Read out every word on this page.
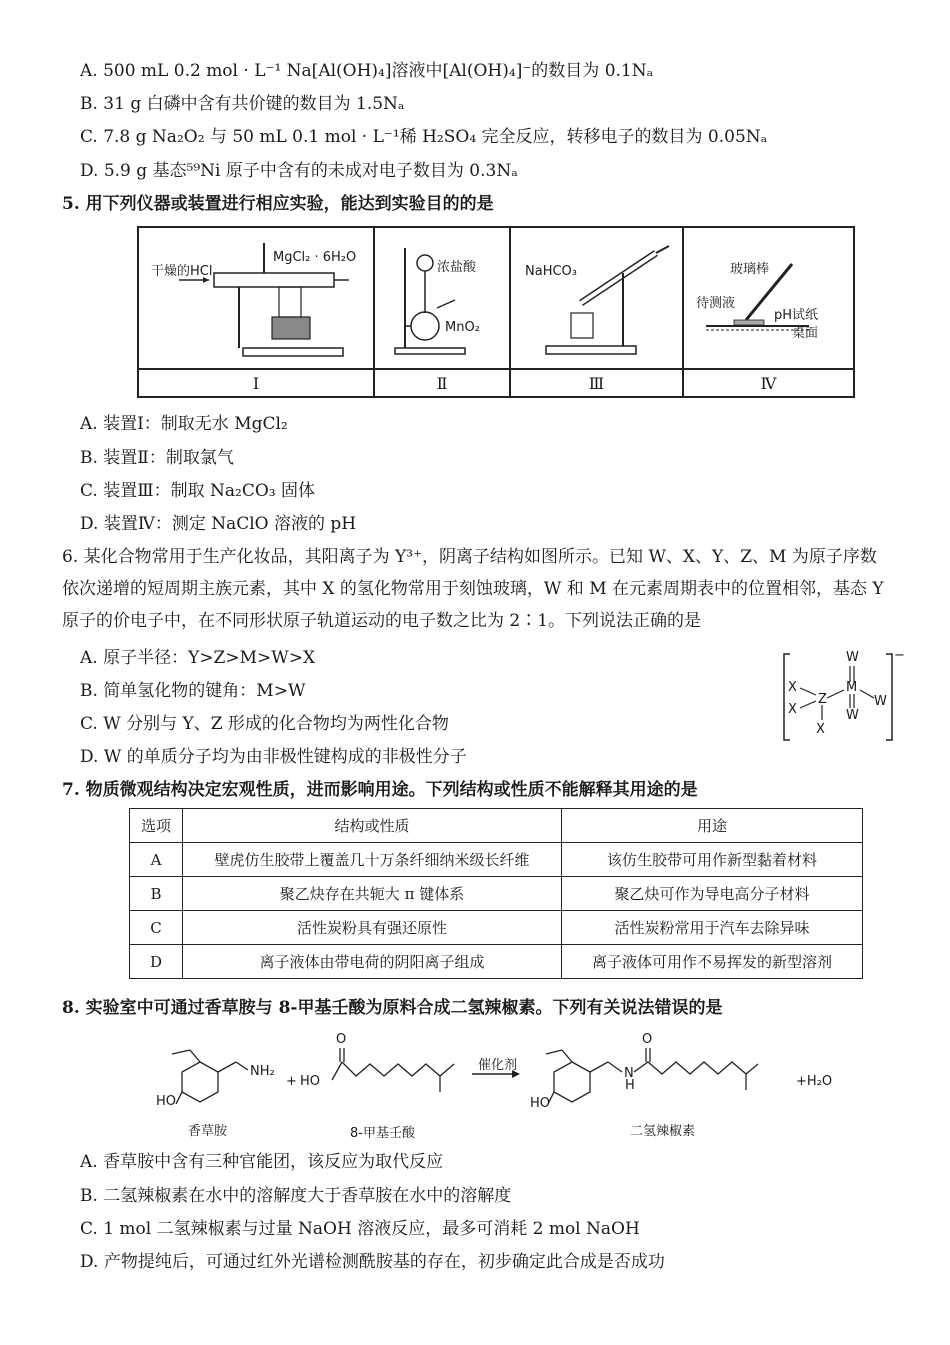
A. 500 mL 0.2 mol · L⁻¹ Na[Al(OH)₄]溶液中[Al(OH)₄]⁻的数目为 0.1Nₐ
B. 31 g 白磷中含有共价键的数目为 1.5Nₐ
C. 7.8 g Na₂O₂ 与 50 mL 0.1 mol · L⁻¹稀 H₂SO₄ 完全反应，转移电子的数目为 0.05Nₐ
D. 5.9 g 基态⁵⁹Ni 原子中含有的未成对电子数目为 0.3Nₐ
5. 用下列仪器或装置进行相应实验，能达到实验目的的是
干燥的HCl
MgCl₂ · 6H₂O
浓盐酸
MnO₂
NaHCO₃	玻璃棒
待测液
pH试纸
桌面
Ⅰ	Ⅱ	Ⅲ	Ⅳ
A. 装置Ⅰ：制取无水 MgCl₂
B. 装置Ⅱ：制取氯气
C. 装置Ⅲ：制取 Na₂CO₃ 固体
D. 装置Ⅳ：测定 NaClO 溶液的 pH
6. 某化合物常用于生产化妆品，其阳离子为 Y³⁺，阴离子结构如图所示。已知 W、X、Y、Z、M 为原子序数依次递增的短周期主族元素，其中 X 的氢化物常用于刻蚀玻璃，W 和 M 在元素周期表中的位置相邻，基态 Y 原子的价电子中，在不同形状原子轨道运动的电子数之比为 2∶1。下列说法正确的是
A. 原子半径：Y>Z>M>W>X
B. 简单氢化物的键角：M>W
C. W 分别与 Y、Z 形成的化合物均为两性化合物
D. W 的单质分子均为由非极性键构成的非极性分子
W
X
X
Z
M
W
W
X
−
7. 物质微观结构决定宏观性质，进而影响用途。下列结构或性质不能解释其用途的是
选项	结构或性质	用途
A	壁虎仿生胶带上覆盖几十万条纤细纳米级长纤维	该仿生胶带可用作新型黏着材料
B	聚乙炔存在共轭大 π 键体系	聚乙炔可作为导电高分子材料
C	活性炭粉具有强还原性	活性炭粉常用于汽车去除异味
D	离子液体由带电荷的阴阳离子组成	离子液体可用作不易挥发的新型溶剂
8. 实验室中可通过香草胺与 8-甲基壬酸为原料合成二氢辣椒素。下列有关说法错误的是
NH₂
HO
+ HO
O
催化剂
HO
N
H
O
+H₂O
香草胺	8-甲基壬酸	二氢辣椒素
A. 香草胺中含有三种官能团，该反应为取代反应
B. 二氢辣椒素在水中的溶解度大于香草胺在水中的溶解度
C. 1 mol 二氢辣椒素与过量 NaOH 溶液反应，最多可消耗 2 mol NaOH
D. 产物提纯后，可通过红外光谱检测酰胺基的存在，初步确定此合成是否成功
